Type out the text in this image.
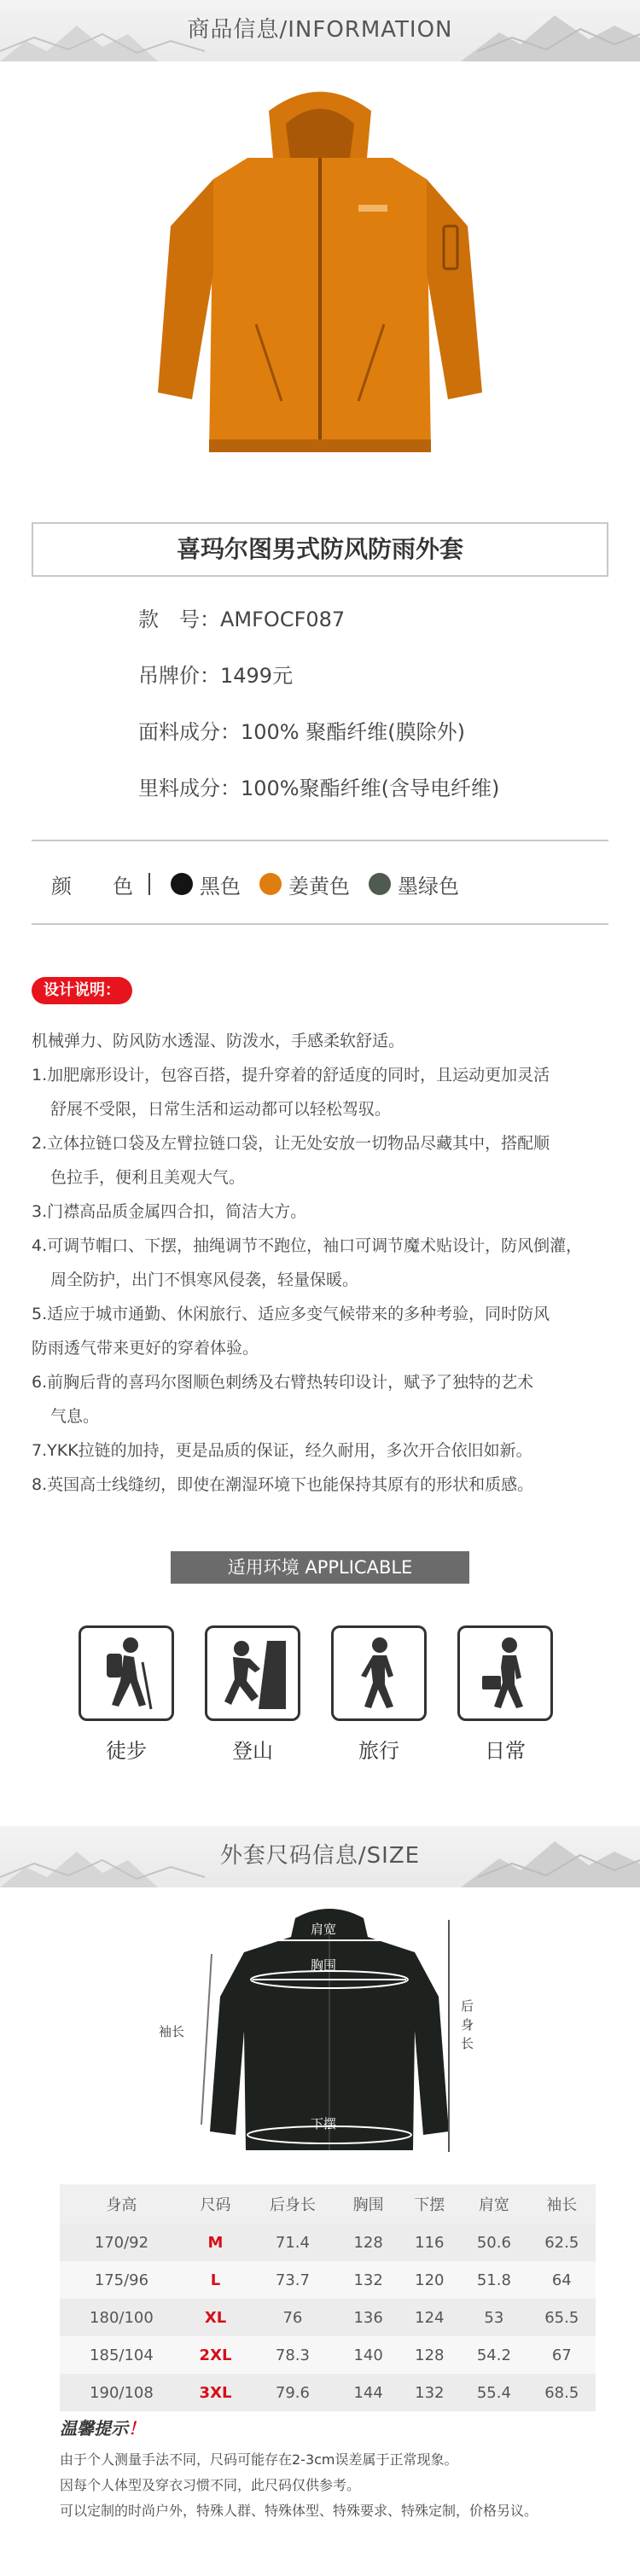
商品信息/INFORMATION
喜玛尔图男式防风防雨外套
款　号：AMFOCF087
吊牌价：1499元
面料成分：100% 聚酯纤维(膜除外)
里料成分：100%聚酯纤维(含导电纤维)
颜　　色	黑色 姜黄色 墨绿色
设计说明：

机械弹力、防风防水透湿、防泼水，手感柔软舒适。

1.加肥廓形设计，包容百搭，提升穿着的舒适度的同时，且运动更加灵活

舒展不受限，日常生活和运动都可以轻松驾驭。

2.立体拉链口袋及左臂拉链口袋，让无处安放一切物品尽藏其中，搭配顺

色拉手，便利且美观大气。

3.门襟高品质金属四合扣，简洁大方。

4.可调节帽口、下摆，抽绳调节不跑位，袖口可调节魔术贴设计，防风倒灌，

周全防护，出门不惧寒风侵袭，轻量保暖。

5.适应于城市通勤、休闲旅行、适应多变气候带来的多种考验，同时防风

防雨透气带来更好的穿着体验。

6.前胸后背的喜玛尔图顺色刺绣及右臂热转印设计，赋予了独特的艺术

气息。

7.YKK拉链的加持，更是品质的保证，经久耐用，多次开合依旧如新。

8.英国高士线缝纫，即使在潮湿环境下也能保持其原有的形状和质感。

适用环境 APPLICABLE
徒步	登山	旅行	日常
外套尺码信息/SIZE
肩宽
胸围
下摆
袖长
后身长
身高	尺码	后身长	胸围	下摆	肩宽	袖长
170/92	M	71.4	128	116	50.6	62.5
175/96	L	73.7	132	120	51.8	64
180/100	XL	76	136	124	53	65.5
185/104	2XL	78.3	140	128	54.2	67
190/108	3XL	79.6	144	132	55.4	68.5
温馨提示！
由于个人测量手法不同，尺码可能存在2-3cm误差属于正常现象。
因每个人体型及穿衣习惯不同，此尺码仅供参考。
可以定制的时尚户外，特殊人群、特殊体型、特殊要求、特殊定制，价格另议。
